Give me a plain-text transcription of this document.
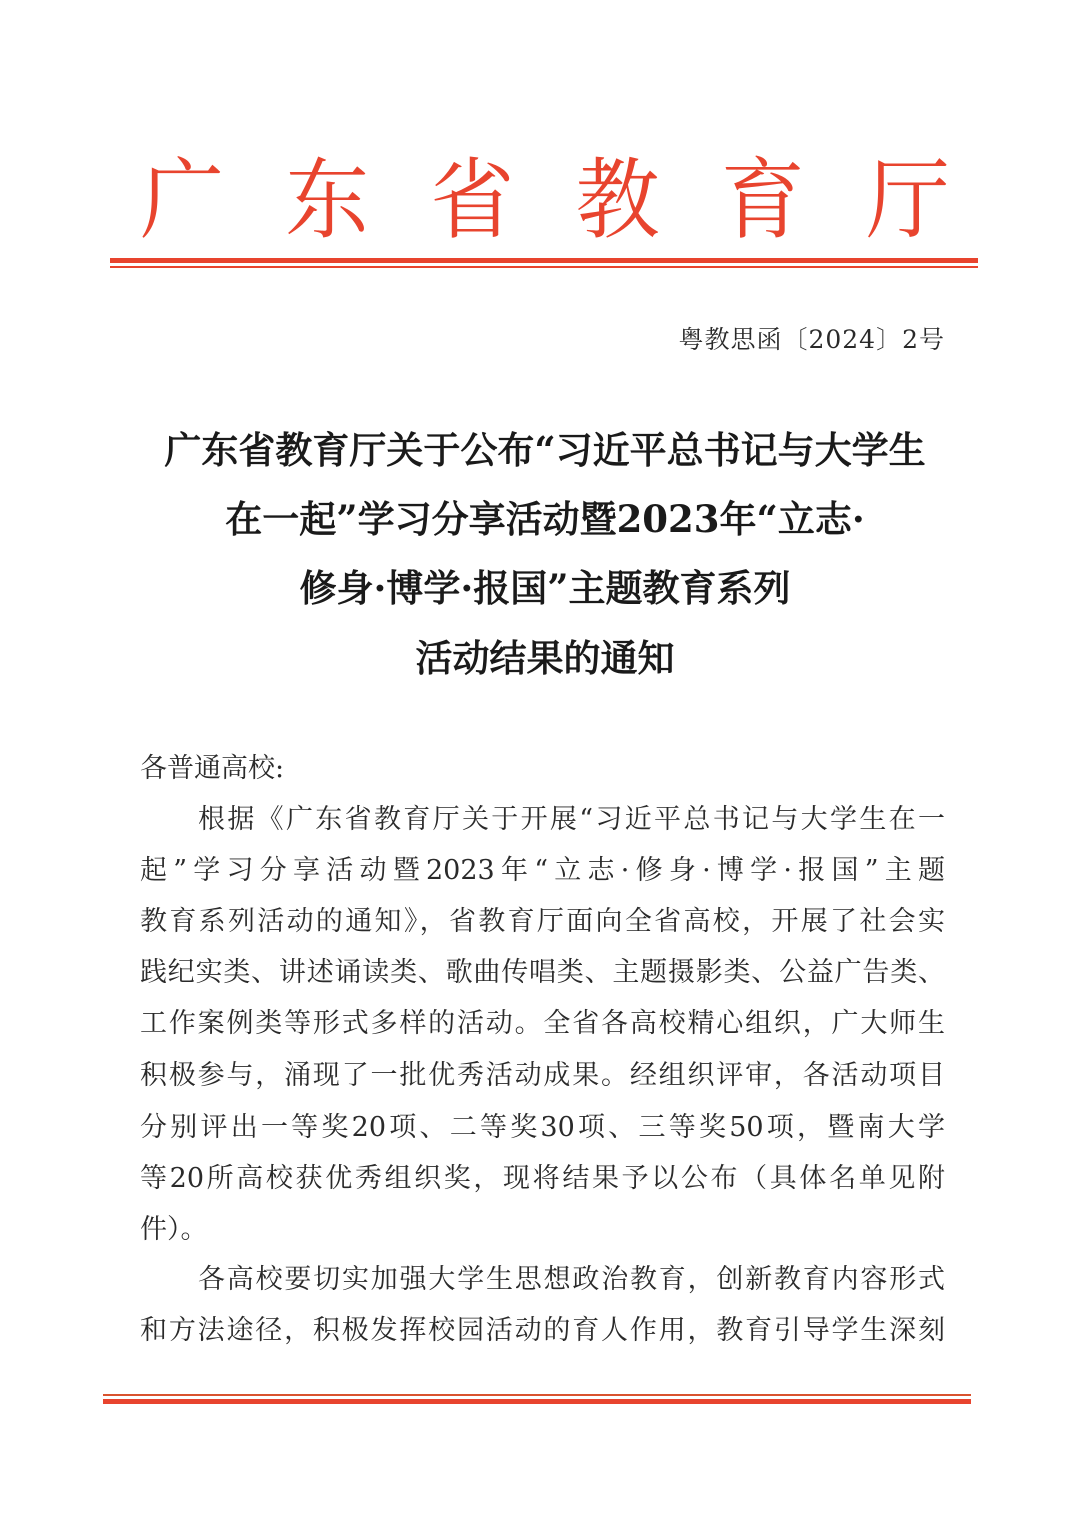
广 东 省 教 育 厅
粤教思函〔2024〕2号
广东省教育厅关于公布“习近平总书记与大学生
在一起”学习分享活动暨2023年“立志·
修身·博学·报国”主题教育系列
活动结果的通知
各普通高校:
根据《广东省教育厅关于开展“习近平总书记与大学生在一
起”学习分享活动暨2023年“立志·修身·博学·报国”主题
教育系列活动的通知》，省教育厅面向全省高校，开展了社会实
践纪实类、讲述诵读类、歌曲传唱类、主题摄影类、公益广告类、
工作案例类等形式多样的活动。全省各高校精心组织，广大师生
积极参与，涌现了一批优秀活动成果。经组织评审，各活动项目
分别评出一等奖20项、二等奖30项、三等奖50项，暨南大学
等20所高校获优秀组织奖，现将结果予以公布（具体名单见附
件）。
各高校要切实加强大学生思想政治教育，创新教育内容形式
和方法途径，积极发挥校园活动的育人作用，教育引导学生深刻
